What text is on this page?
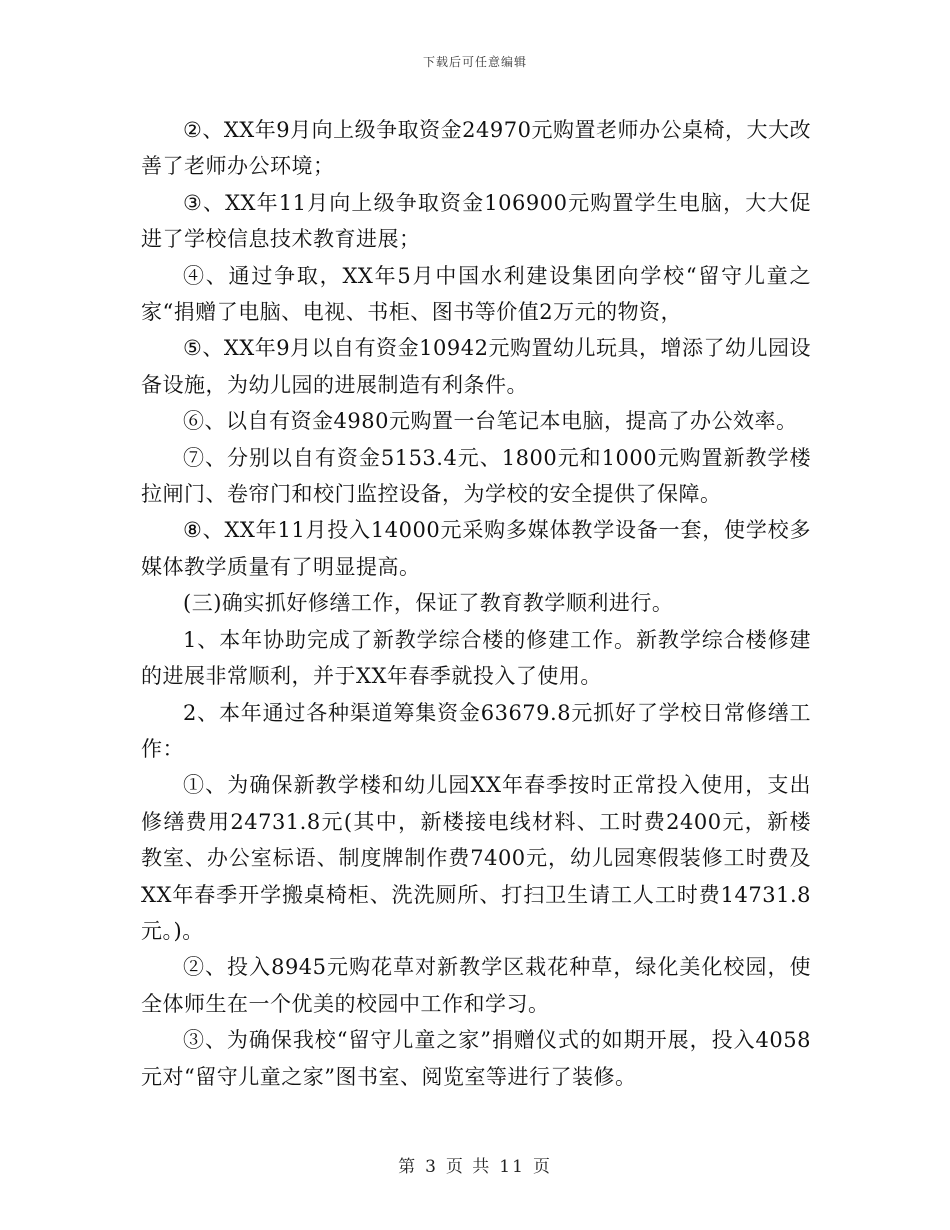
下载后可任意编辑

②、XX年9月向上级争取资金24970元购置老师办公桌椅，大大改善了老师办公环境；

③、XX年11月向上级争取资金106900元购置学生电脑，大大促进了学校信息技术教育进展；

④、通过争取，XX年5月中国水利建设集团向学校“留守儿童之家“捐赠了电脑、电视、书柜、图书等价值2万元的物资，

⑤、XX年9月以自有资金10942元购置幼儿玩具，增添了幼儿园设备设施，为幼儿园的进展制造有利条件。

⑥、以自有资金4980元购置一台笔记本电脑，提高了办公效率。

⑦、分别以自有资金5153.4元、1800元和1000元购置新教学楼拉闸门、卷帘门和校门监控设备，为学校的安全提供了保障。

⑧、XX年11月投入14000元采购多媒体教学设备一套，使学校多媒体教学质量有了明显提高。

(三)确实抓好修缮工作，保证了教育教学顺利进行。

1、本年协助完成了新教学综合楼的修建工作。新教学综合楼修建的进展非常顺利，并于XX年春季就投入了使用。

2、本年通过各种渠道筹集资金63679.8元抓好了学校日常修缮工作：

①、为确保新教学楼和幼儿园XX年春季按时正常投入使用，支出修缮费用24731.8元(其中，新楼接电线材料、工时费2400元，新楼教室、办公室标语、制度牌制作费7400元，幼儿园寒假装修工时费及XX年春季开学搬桌椅柜、洗洗厕所、打扫卫生请工人工时费14731.8元。)。

②、投入8945元购花草对新教学区栽花种草，绿化美化校园，使全体师生在一个优美的校园中工作和学习。

③、为确保我校“留守儿童之家”捐赠仪式的如期开展，投入4058元对“留守儿童之家”图书室、阅览室等进行了装修。

第 3 页 共 11 页
